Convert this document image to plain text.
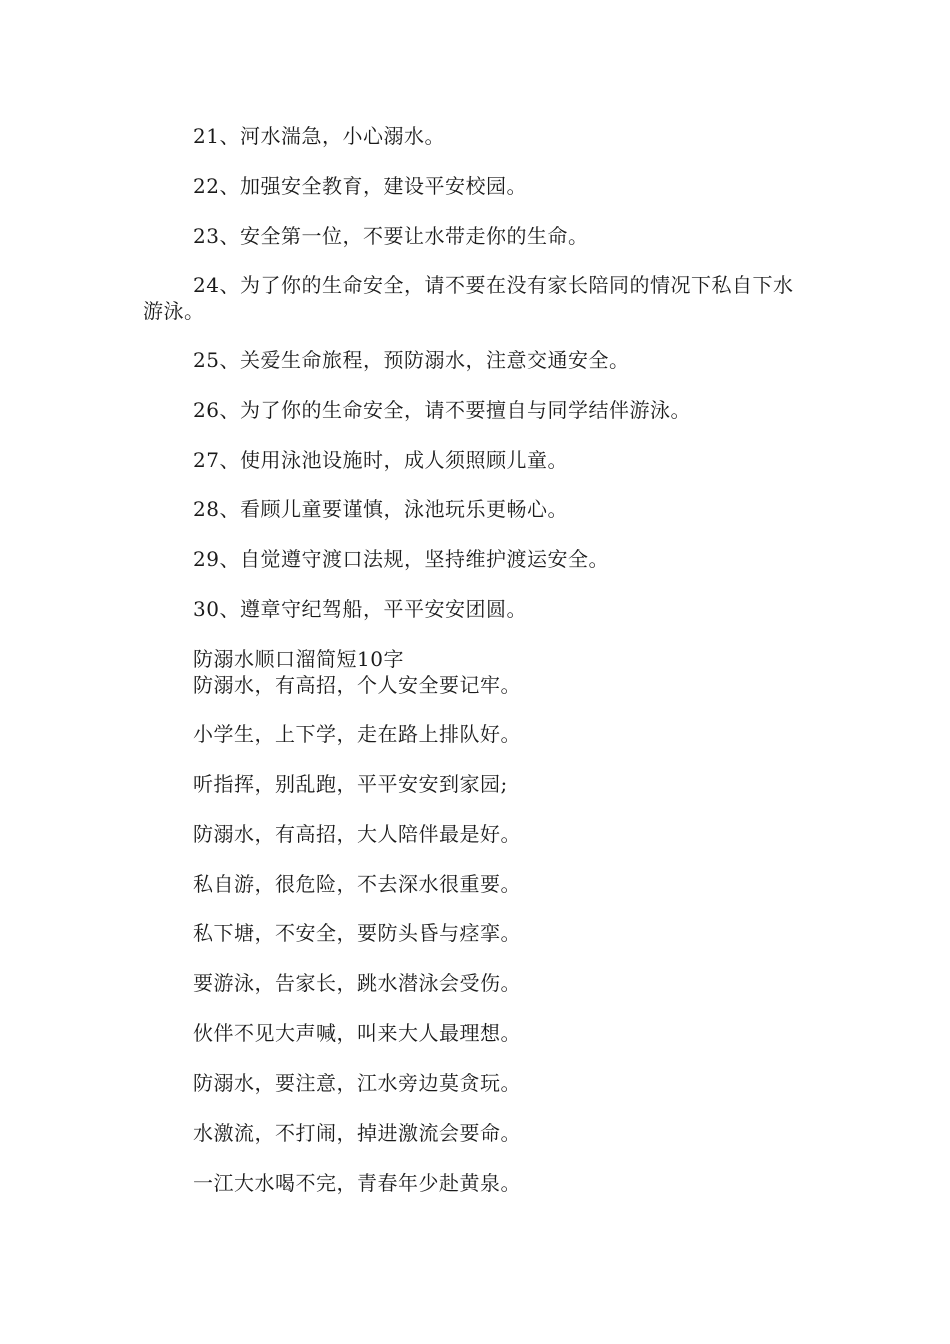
21、河水湍急，小心溺水。
22、加强安全教育，建设平安校园。
23、安全第一位，不要让水带走你的生命。
24、为了你的生命安全，请不要在没有家长陪同的情况下私自下水游泳。
25、关爱生命旅程，预防溺水，注意交通安全。
26、为了你的生命安全，请不要擅自与同学结伴游泳。
27、使用泳池设施时，成人须照顾儿童。
28、看顾儿童要谨慎，泳池玩乐更畅心。
29、自觉遵守渡口法规，坚持维护渡运安全。
30、遵章守纪驾船，平平安安团圆。
防溺水顺口溜简短10字
防溺水，有高招，个人安全要记牢。
小学生，上下学，走在路上排队好。
听指挥，别乱跑，平平安安到家园;
防溺水，有高招，大人陪伴最是好。
私自游，很危险，不去深水很重要。
私下塘，不安全，要防头昏与痉挛。
要游泳，告家长，跳水潜泳会受伤。
伙伴不见大声喊，叫来大人最理想。
防溺水，要注意，江水旁边莫贪玩。
水激流，不打闹，掉进激流会要命。
一江大水喝不完，青春年少赴黄泉。
